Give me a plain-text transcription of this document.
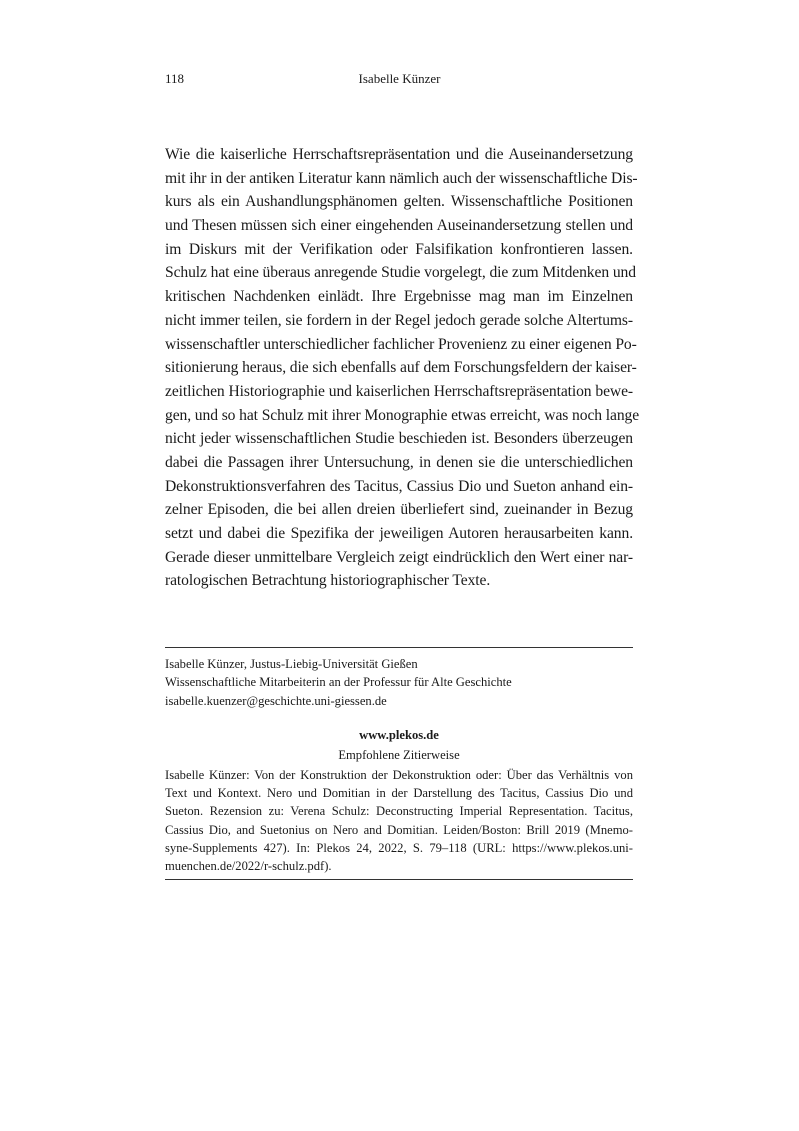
118	Isabelle Künzer
Wie die kaiserliche Herrschaftsrepräsentation und die Auseinandersetzung
mit ihr in der antiken Literatur kann nämlich auch der wissenschaftliche Dis-
kurs als ein Aushandlungsphänomen gelten. Wissenschaftliche Positionen
und Thesen müssen sich einer eingehenden Auseinandersetzung stellen und
im Diskurs mit der Verifikation oder Falsifikation konfrontieren lassen.
Schulz hat eine überaus anregende Studie vorgelegt, die zum Mitdenken und
kritischen Nachdenken einlädt. Ihre Ergebnisse mag man im Einzelnen
nicht immer teilen, sie fordern in der Regel jedoch gerade solche Altertums-
wissenschaftler unterschiedlicher fachlicher Provenienz zu einer eigenen Po-
sitionierung heraus, die sich ebenfalls auf dem Forschungsfeldern der kaiser-
zeitlichen Historiographie und kaiserlichen Herrschaftsrepräsentation bewe-
gen, und so hat Schulz mit ihrer Monographie etwas erreicht, was noch lange
nicht jeder wissenschaftlichen Studie beschieden ist. Besonders überzeugen
dabei die Passagen ihrer Untersuchung, in denen sie die unterschiedlichen
Dekonstruktionsverfahren des Tacitus, Cassius Dio und Sueton anhand ein-
zelner Episoden, die bei allen dreien überliefert sind, zueinander in Bezug
setzt und dabei die Spezifika der jeweiligen Autoren herausarbeiten kann.
Gerade dieser unmittelbare Vergleich zeigt eindrücklich den Wert einer nar-
ratologischen Betrachtung historiographischer Texte.
Isabelle Künzer, Justus-Liebig-Universität Gießen
Wissenschaftliche Mitarbeiterin an der Professur für Alte Geschichte
isabelle.kuenzer@geschichte.uni-giessen.de
www.plekos.de
Empfohlene Zitierweise
Isabelle Künzer: Von der Konstruktion der Dekonstruktion oder: Über das Verhältnis von
Text und Kontext. Nero und Domitian in der Darstellung des Tacitus, Cassius Dio und
Sueton. Rezension zu: Verena Schulz: Deconstructing Imperial Representation. Tacitus,
Cassius Dio, and Suetonius on Nero and Domitian. Leiden/Boston: Brill 2019 (Mnemo-
syne-Supplements 427). In: Plekos 24, 2022, S. 79–118 (URL: https://www.plekos.uni-
muenchen.de/2022/r-schulz.pdf).
